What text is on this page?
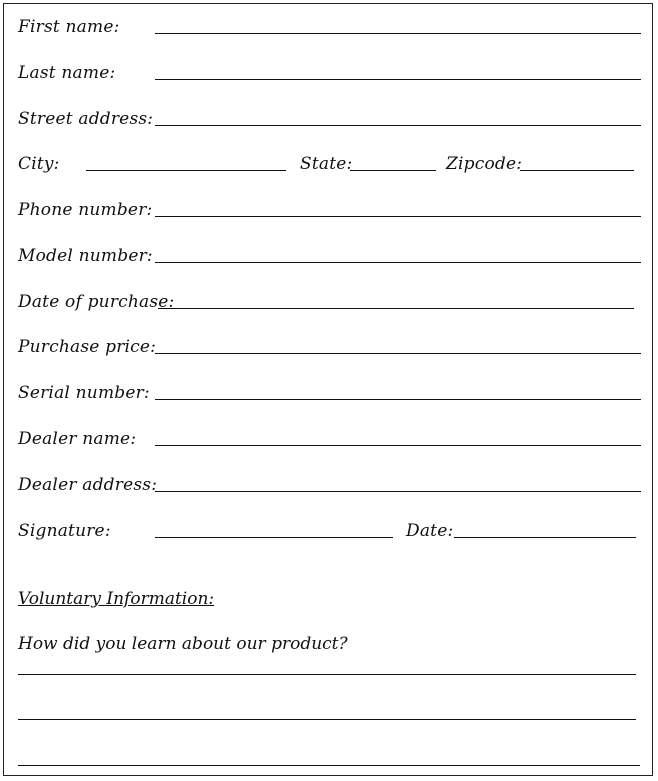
First name:
Last name:
Street address:
City:	State:	Zipcode:
Phone number:
Model number:
Date of purchase:
Purchase price:
Serial number:
Dealer name:
Dealer address:
Signature:	Date:
Voluntary Information:
How did you learn about our product?
